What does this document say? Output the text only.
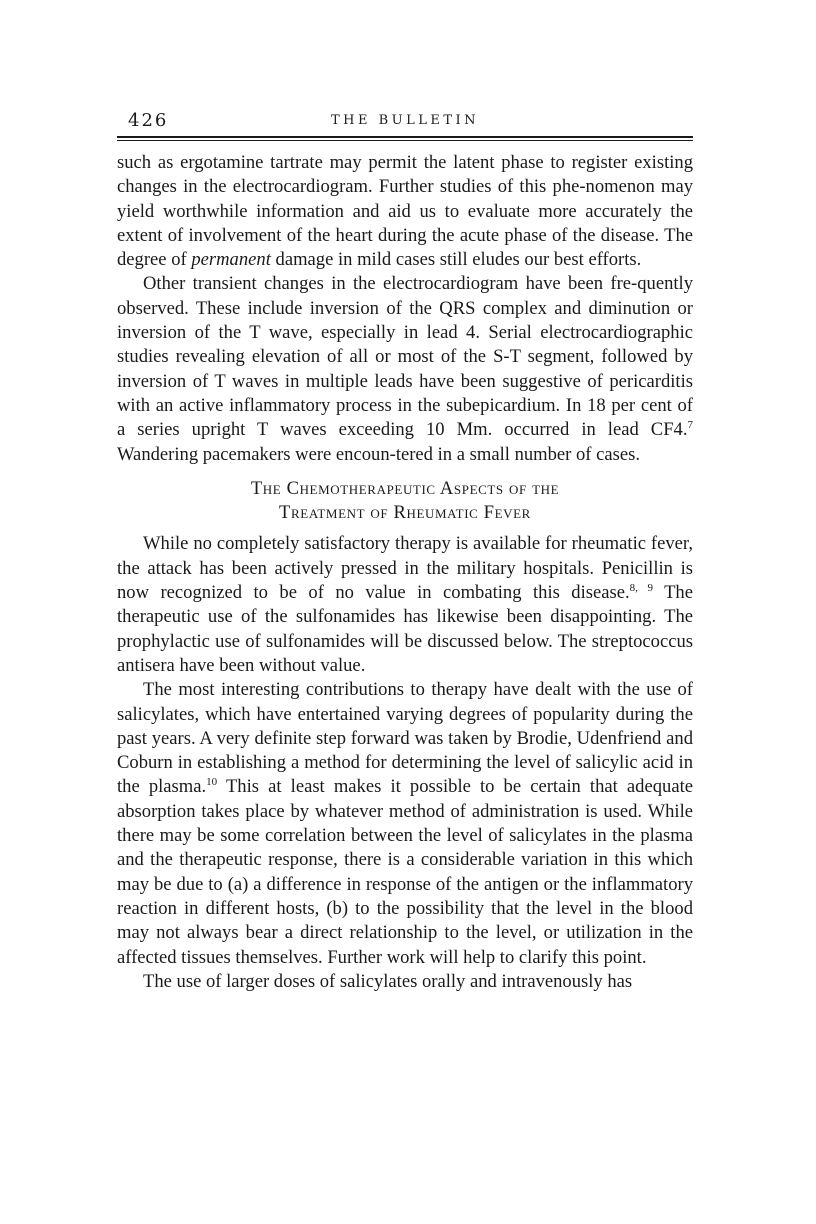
426	THE BULLETIN

such as ergotamine tartrate may permit the latent phase to register existing changes in the electrocardiogram. Further studies of this phe-nomenon may yield worthwhile information and aid us to evaluate more accurately the extent of involvement of the heart during the acute phase of the disease. The degree of permanent damage in mild cases still eludes our best efforts.

Other transient changes in the electrocardiogram have been fre-quently observed. These include inversion of the QRS complex and diminution or inversion of the T wave, especially in lead 4. Serial electrocardiographic studies revealing elevation of all or most of the S-T segment, followed by inversion of T waves in multiple leads have been suggestive of pericarditis with an active inflammatory process in the subepicardium. In 18 per cent of a series upright T waves exceeding 10 Mm. occurred in lead CF4.$^7$ Wandering pacemakers were encoun-tered in a small number of cases.

The Chemotherapeutic Aspects of the
Treatment of Rheumatic Fever

While no completely satisfactory therapy is available for rheumatic fever, the attack has been actively pressed in the military hospitals. Penicillin is now recognized to be of no value in combating this disease.$^{8, 9}$ The therapeutic use of the sulfonamides has likewise been disappointing. The prophylactic use of sulfonamides will be discussed below. The streptococcus antisera have been without value.

The most interesting contributions to therapy have dealt with the use of salicylates, which have entertained varying degrees of popularity during the past years. A very definite step forward was taken by Brodie, Udenfriend and Coburn in establishing a method for determining the level of salicylic acid in the plasma.$^{10}$ This at least makes it possible to be certain that adequate absorption takes place by whatever method of administration is used. While there may be some correlation between the level of salicylates in the plasma and the therapeutic response, there is a considerable variation in this which may be due to (a) a difference in response of the antigen or the inflammatory reaction in different hosts, (b) to the possibility that the level in the blood may not always bear a direct relationship to the level, or utilization in the affected tissues themselves. Further work will help to clarify this point.

The use of larger doses of salicylates orally and intravenously has
